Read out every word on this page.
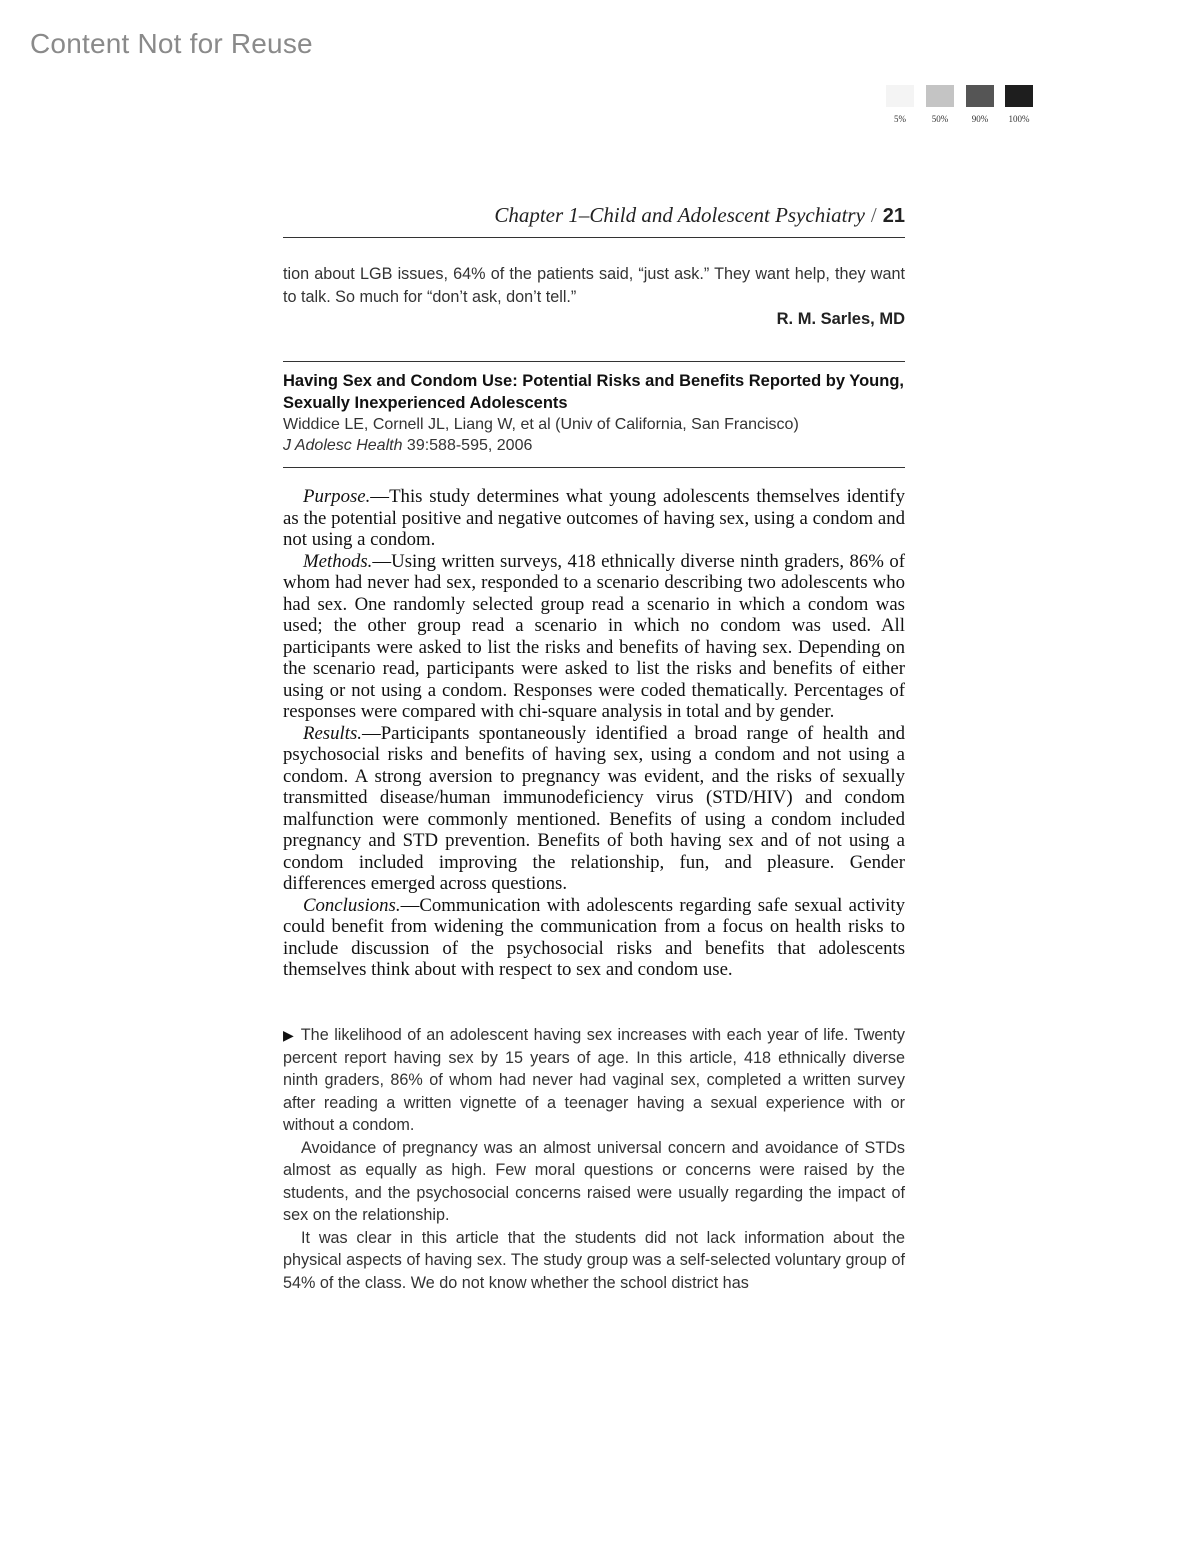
Content Not for Reuse
5%	50%	90%	100%
Chapter 1–Child and Adolescent Psychiatry / 21
tion about LGB issues, 64% of the patients said, “just ask.” They want help, they want to talk. So much for “don’t ask, don’t tell.”
R. M. Sarles, MD
Having Sex and Condom Use: Potential Risks and Benefits Reported by Young, Sexually Inexperienced Adolescents
Widdice LE, Cornell JL, Liang W, et al (Univ of California, San Francisco)
J Adolesc Health 39:588-595, 2006

Purpose.—This study determines what young adolescents themselves identify as the potential positive and negative outcomes of having sex, using a condom and not using a condom.

Methods.—Using written surveys, 418 ethnically diverse ninth graders, 86% of whom had never had sex, responded to a scenario describing two adolescents who had sex. One randomly selected group read a scenario in which a condom was used; the other group read a scenario in which no condom was used. All participants were asked to list the risks and benefits of having sex. Depending on the scenario read, participants were asked to list the risks and benefits of either using or not using a condom. Responses were coded thematically. Percentages of responses were compared with chi-square analysis in total and by gender.

Results.—Participants spontaneously identified a broad range of health and psychosocial risks and benefits of having sex, using a condom and not using a condom. A strong aversion to pregnancy was evident, and the risks of sexually transmitted disease/human immunodeficiency virus (STD/HIV) and condom malfunction were commonly mentioned. Benefits of using a condom included pregnancy and STD prevention. Benefits of both having sex and of not using a condom included improving the relationship, fun, and pleasure. Gender differences emerged across questions.

Conclusions.—Communication with adolescents regarding safe sexual activity could benefit from widening the communication from a focus on health risks to include discussion of the psychosocial risks and benefits that adolescents themselves think about with respect to sex and condom use.

▶ The likelihood of an adolescent having sex increases with each year of life. Twenty percent report having sex by 15 years of age. In this article, 418 ethnically diverse ninth graders, 86% of whom had never had vaginal sex, completed a written survey after reading a written vignette of a teenager having a sexual experience with or without a condom.

Avoidance of pregnancy was an almost universal concern and avoidance of STDs almost as equally as high. Few moral questions or concerns were raised by the students, and the psychosocial concerns raised were usually regarding the impact of sex on the relationship.

It was clear in this article that the students did not lack information about the physical aspects of having sex. The study group was a self-selected voluntary group of 54% of the class. We do not know whether the school district has
